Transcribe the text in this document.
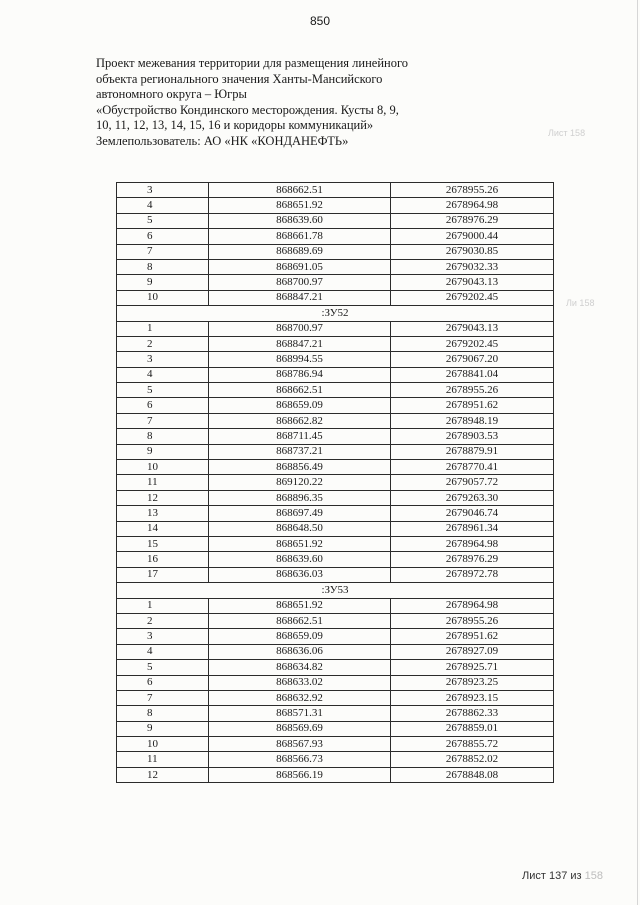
850
Проект межевания территории для размещения линейного
объекта регионального значения Ханты-Мансийского
автономного округа – Югры
«Обустройство Кондинского месторождения. Кусты 8, 9,
10, 11, 12, 13, 14, 15, 16 и коридоры коммуникаций»
Землепользователь: АО «НК «КОНДАНЕФТЬ»
Лист 158
Ли 158
3	868662.51	2678955.26
4	868651.92	2678964.98
5	868639.60	2678976.29
6	868661.78	2679000.44
7	868689.69	2679030.85
8	868691.05	2679032.33
9	868700.97	2679043.13
10	868847.21	2679202.45
:ЗУ52		
1	868700.97	2679043.13
2	868847.21	2679202.45
3	868994.55	2679067.20
4	868786.94	2678841.04
5	868662.51	2678955.26
6	868659.09	2678951.62
7	868662.82	2678948.19
8	868711.45	2678903.53
9	868737.21	2678879.91
10	868856.49	2678770.41
11	869120.22	2679057.72
12	868896.35	2679263.30
13	868697.49	2679046.74
14	868648.50	2678961.34
15	868651.92	2678964.98
16	868639.60	2678976.29
17	868636.03	2678972.78
:ЗУ53		
1	868651.92	2678964.98
2	868662.51	2678955.26
3	868659.09	2678951.62
4	868636.06	2678927.09
5	868634.82	2678925.71
6	868633.02	2678923.25
7	868632.92	2678923.15
8	868571.31	2678862.33
9	868569.69	2678859.01
10	868567.93	2678855.72
11	868566.73	2678852.02
12	868566.19	2678848.08
Лист 137 из 158
